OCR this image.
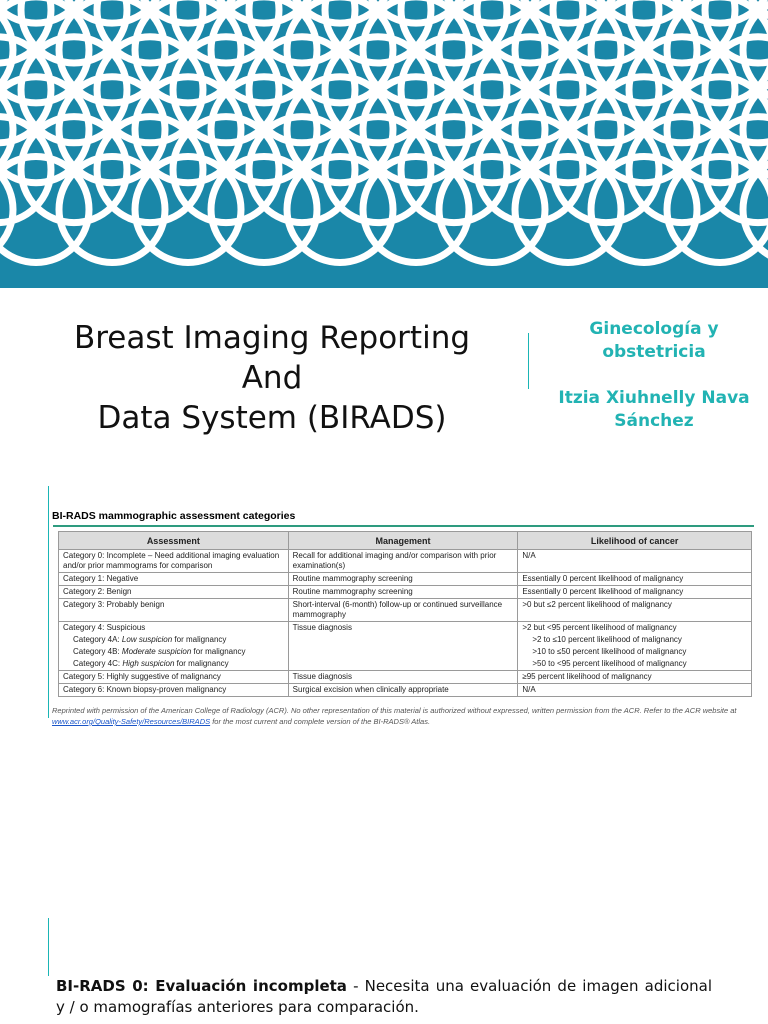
Breast Imaging Reporting
And
Data System (BIRADS)
Ginecología y
obstetricia
Itzia Xiuhnelly Nava
Sánchez
BI-RADS mammographic assessment categories
Assessment	Management	Likelihood of cancer
Category 0: Incomplete – Need additional imaging evaluation and/or prior mammograms for comparison	Recall for additional imaging and/or comparison with prior examination(s)	N/A
Category 1: Negative	Routine mammography screening	Essentially 0 percent likelihood of malignancy
Category 2: Benign	Routine mammography screening	Essentially 0 percent likelihood of malignancy
Category 3: Probably benign	Short-interval (6-month) follow-up or continued surveillance mammography	>0 but ≤2 percent likelihood of malignancy
Category 4: Suspicious	Tissue diagnosis	>2 but <95 percent likelihood of malignancy
Category 4A: Low suspicion for malignancy		>2 to ≤10 percent likelihood of malignancy
Category 4B: Moderate suspicion for malignancy		>10 to ≤50 percent likelihood of malignancy
Category 4C: High suspicion for malignancy		>50 to <95 percent likelihood of malignancy
Category 5: Highly suggestive of malignancy	Tissue diagnosis	≥95 percent likelihood of malignancy
Category 6: Known biopsy-proven malignancy	Surgical excision when clinically appropriate	N/A
Reprinted with permission of the American College of Radiology (ACR). No other representation of this material is authorized without expressed, written permission from the ACR. Refer to the ACR website at www.acr.org/Quality-Safety/Resources/BIRADS for the most current and complete version of the BI-RADS® Atlas.
BI-RADS 0: Evaluación incompleta - Necesita una evaluación de imagen adicional y / o mamografías anteriores para comparación.
